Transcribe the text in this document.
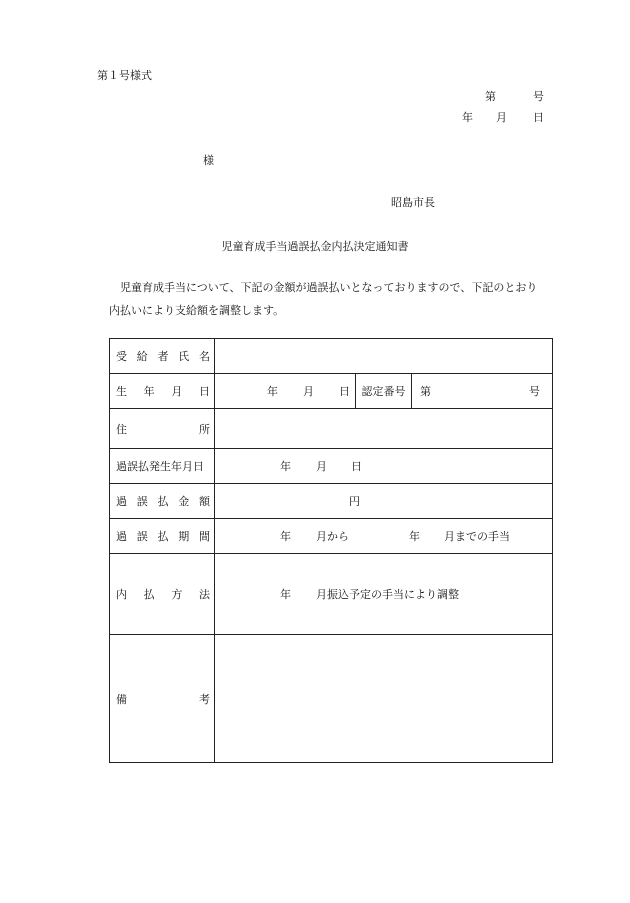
第１号様式
第	号
年 月 日
様
昭島市長
児童育成手当過誤払金内払決定通知書
児童育成手当について、下記の金額が過誤払いとなっておりますので、下記のとおり
内払いにより支給額を調整します。
受 給 者 氏 名			

生 年 月 日	年 月 日	認定番号	第 号

住 所			

過誤払発生年月日	年 月 日		

過 誤 払 金 額	円		

過 誤 払 期 間	年 月から 年 月までの手当		

内 払 方 法	年 月振込予定の手当により調整		

備 考			
